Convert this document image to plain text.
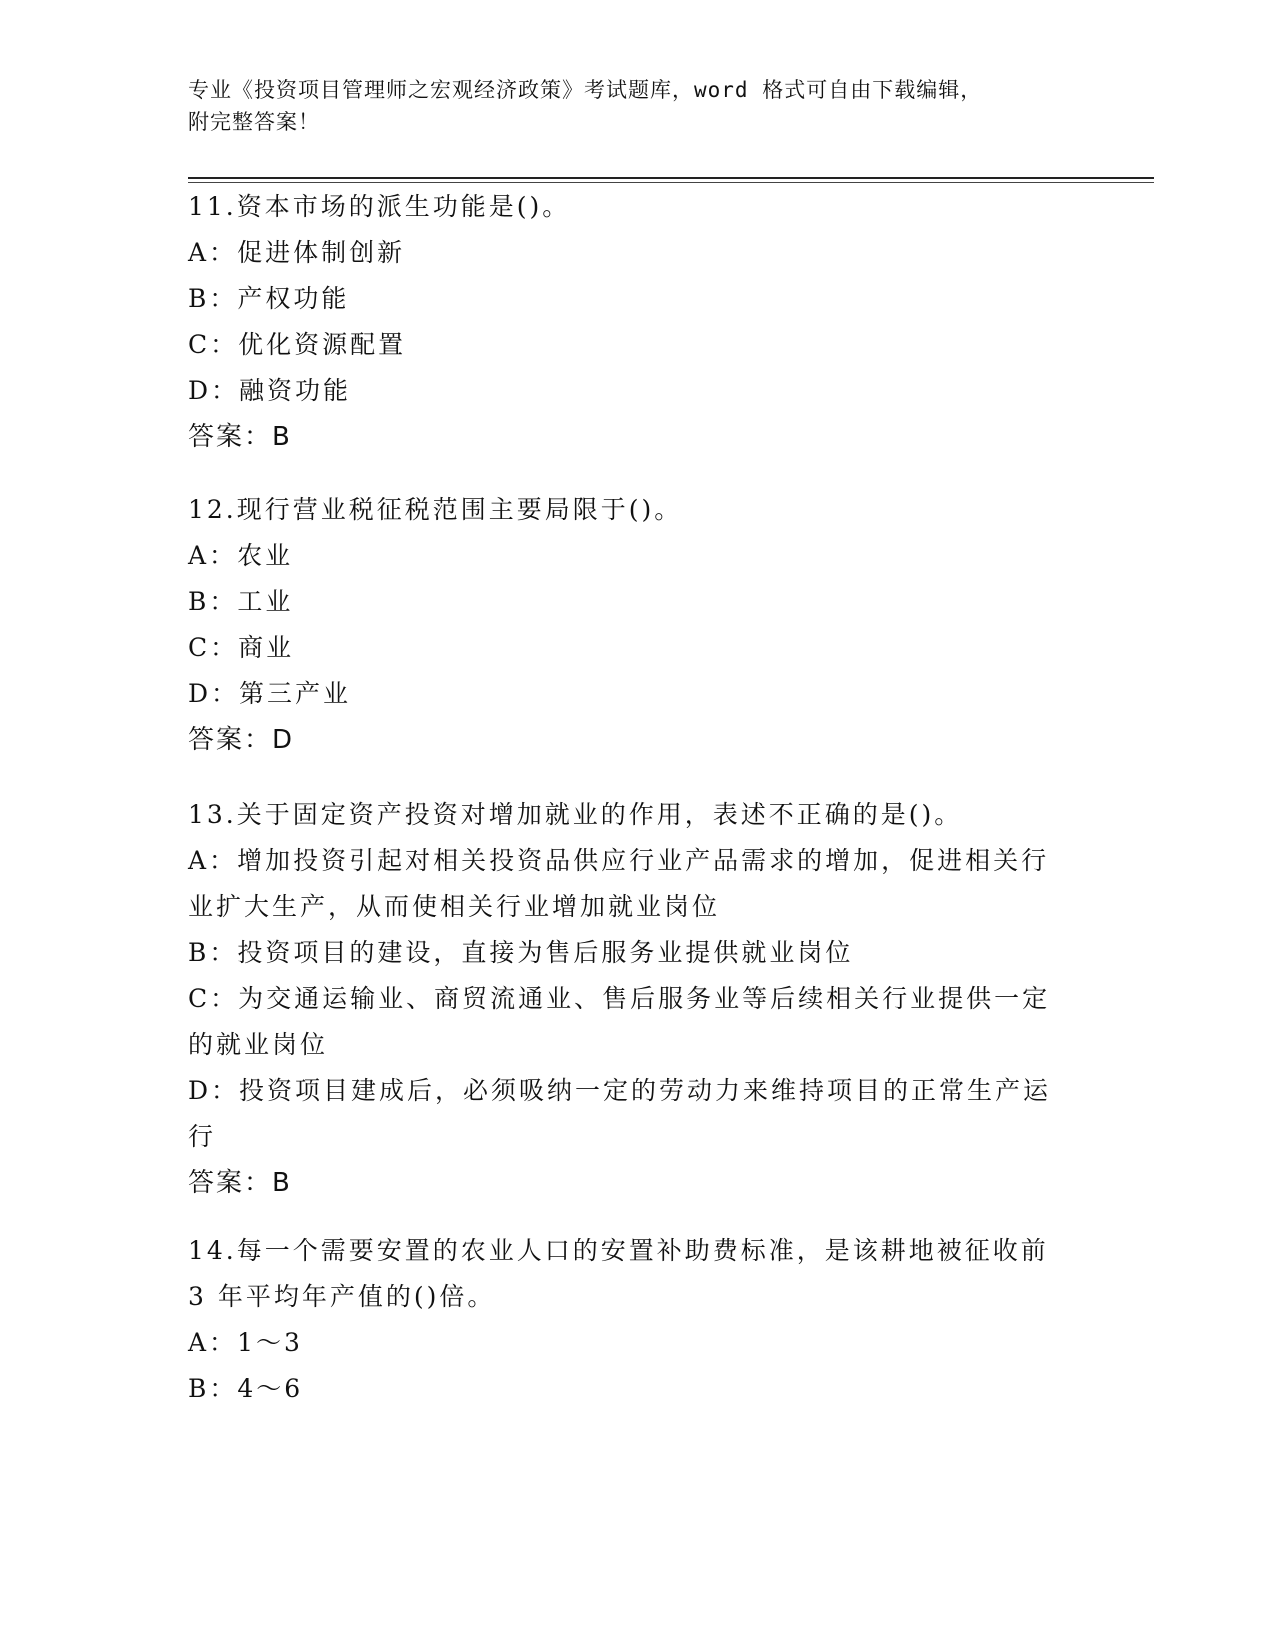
专业《投资项目管理师之宏观经济政策》考试题库，word 格式可自由下载编辑，
附完整答案！

11.资本市场的派生功能是()。

A：促进体制创新

B：产权功能

C：优化资源配置

D：融资功能

答案：B

12.现行营业税征税范围主要局限于()。

A：农业

B：工业

C：商业

D：第三产业

答案：D

13.关于固定资产投资对增加就业的作用，表述不正确的是()。

A：增加投资引起对相关投资品供应行业产品需求的增加，促进相关行

业扩大生产，从而使相关行业增加就业岗位

B：投资项目的建设，直接为售后服务业提供就业岗位

C：为交通运输业、商贸流通业、售后服务业等后续相关行业提供一定

的就业岗位

D：投资项目建成后，必须吸纳一定的劳动力来维持项目的正常生产运

行

答案：B

14.每一个需要安置的农业人口的安置补助费标准，是该耕地被征收前

3 年平均年产值的()倍。

A：1～3

B：4～6
